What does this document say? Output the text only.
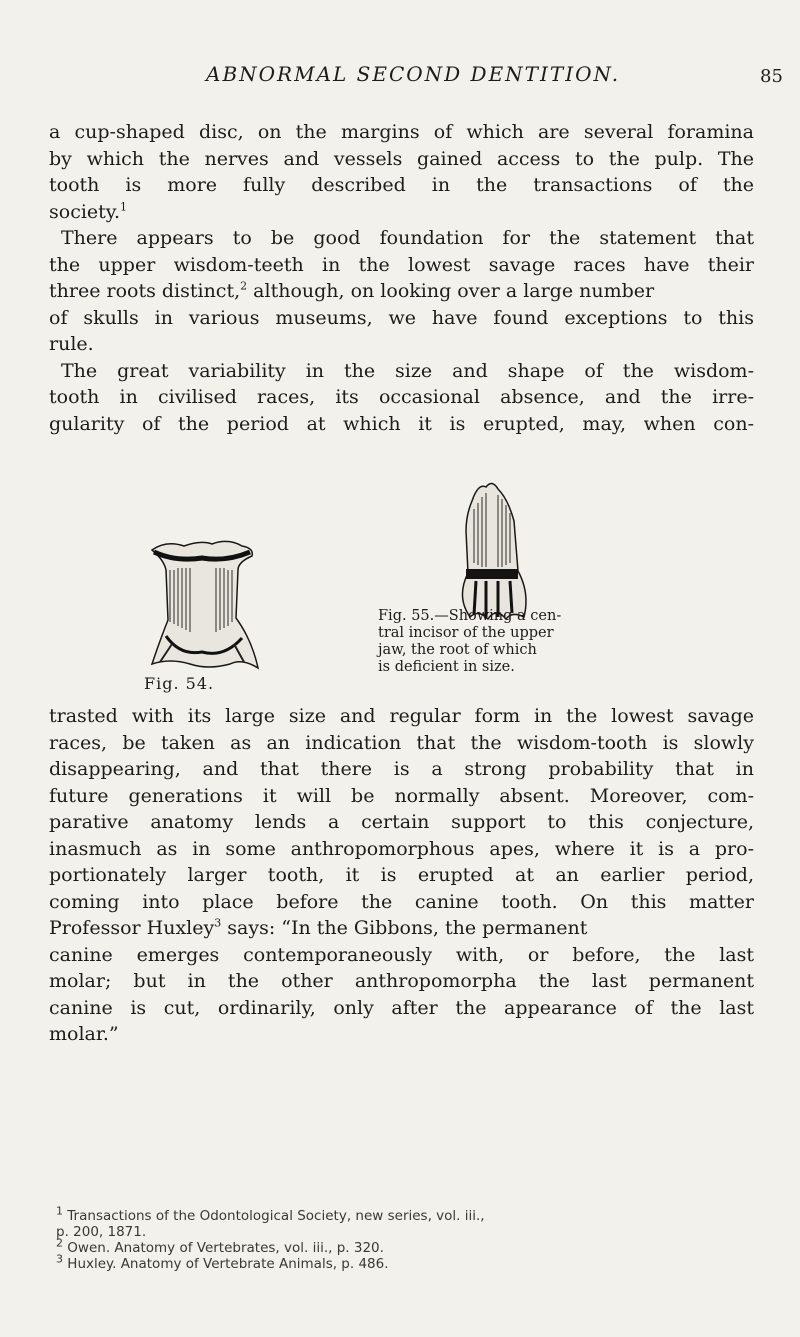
ABNORMAL SECOND DENTITION.	85
a cup-shaped disc, on the margins of which are several foramina
by which the nerves and vessels gained access to the pulp. The
tooth is more fully described in the transactions of the
society.$^1$
There appears to be good foundation for the statement that
the upper wisdom-teeth in the lowest savage races have their
three roots distinct,$^2$ although, on looking over a large number
of skulls in various museums, we have found exceptions to this
rule.
The great variability in the size and shape of the wisdom-
tooth in civilised races, its occasional absence, and the irre-
gularity of the period at which it is erupted, may, when con-
Fig. 54.
Fig. 55.—Showing a cen-
tral incisor of the upper
jaw, the root of which
is deficient in size.
trasted with its large size and regular form in the lowest savage
races, be taken as an indication that the wisdom-tooth is slowly
disappearing, and that there is a strong probability that in
future generations it will be normally absent. Moreover, com-
parative anatomy lends a certain support to this conjecture,
inasmuch as in some anthropomorphous apes, where it is a pro-
portionately larger tooth, it is erupted at an earlier period,
coming into place before the canine tooth. On this matter
Professor Huxley$^3$ says: “In the Gibbons, the permanent
canine emerges contemporaneously with, or before, the last
molar; but in the other anthropomorpha the last permanent
canine is cut, ordinarily, only after the appearance of the last
molar.”
$^1$ Transactions of the Odontological Society, new series, vol. iii.,
p. 200, 1871.
$^2$ Owen. Anatomy of Vertebrates, vol. iii., p. 320.
$^3$ Huxley. Anatomy of Vertebrate Animals, p. 486.
